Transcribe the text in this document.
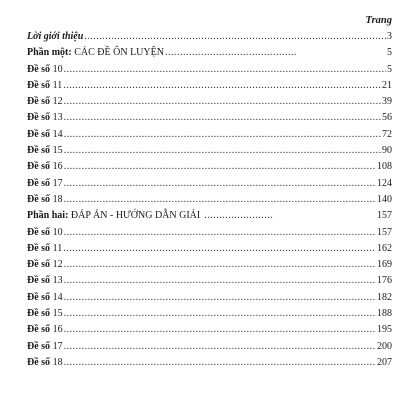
Trang
Lời giới thiệu .....	3
Phần một: CÁC ĐỀ ÔN LUYỆN .....	5
Đề số 10 .....	5
Đề số 11 .....	21
Đề số 12 .....	39
Đề số 13 .....	56
Đề số 14 .....	72
Đề số 15 .....	90
Đề số 16 .....	108
Đề số 17 .....	124
Đề số 18 .....	140
Phần hai: ĐÁP ÁN - HƯỚNG DẪN GIẢI .....	157
Đề số 10 .....	157
Đề số 11 .....	162
Đề số 12 .....	169
Đề số 13 .....	176
Đề số 14 .....	182
Đề số 15 .....	188
Đề số 16 .....	195
Đề số 17 .....	200
Đề số 18 .....	207
